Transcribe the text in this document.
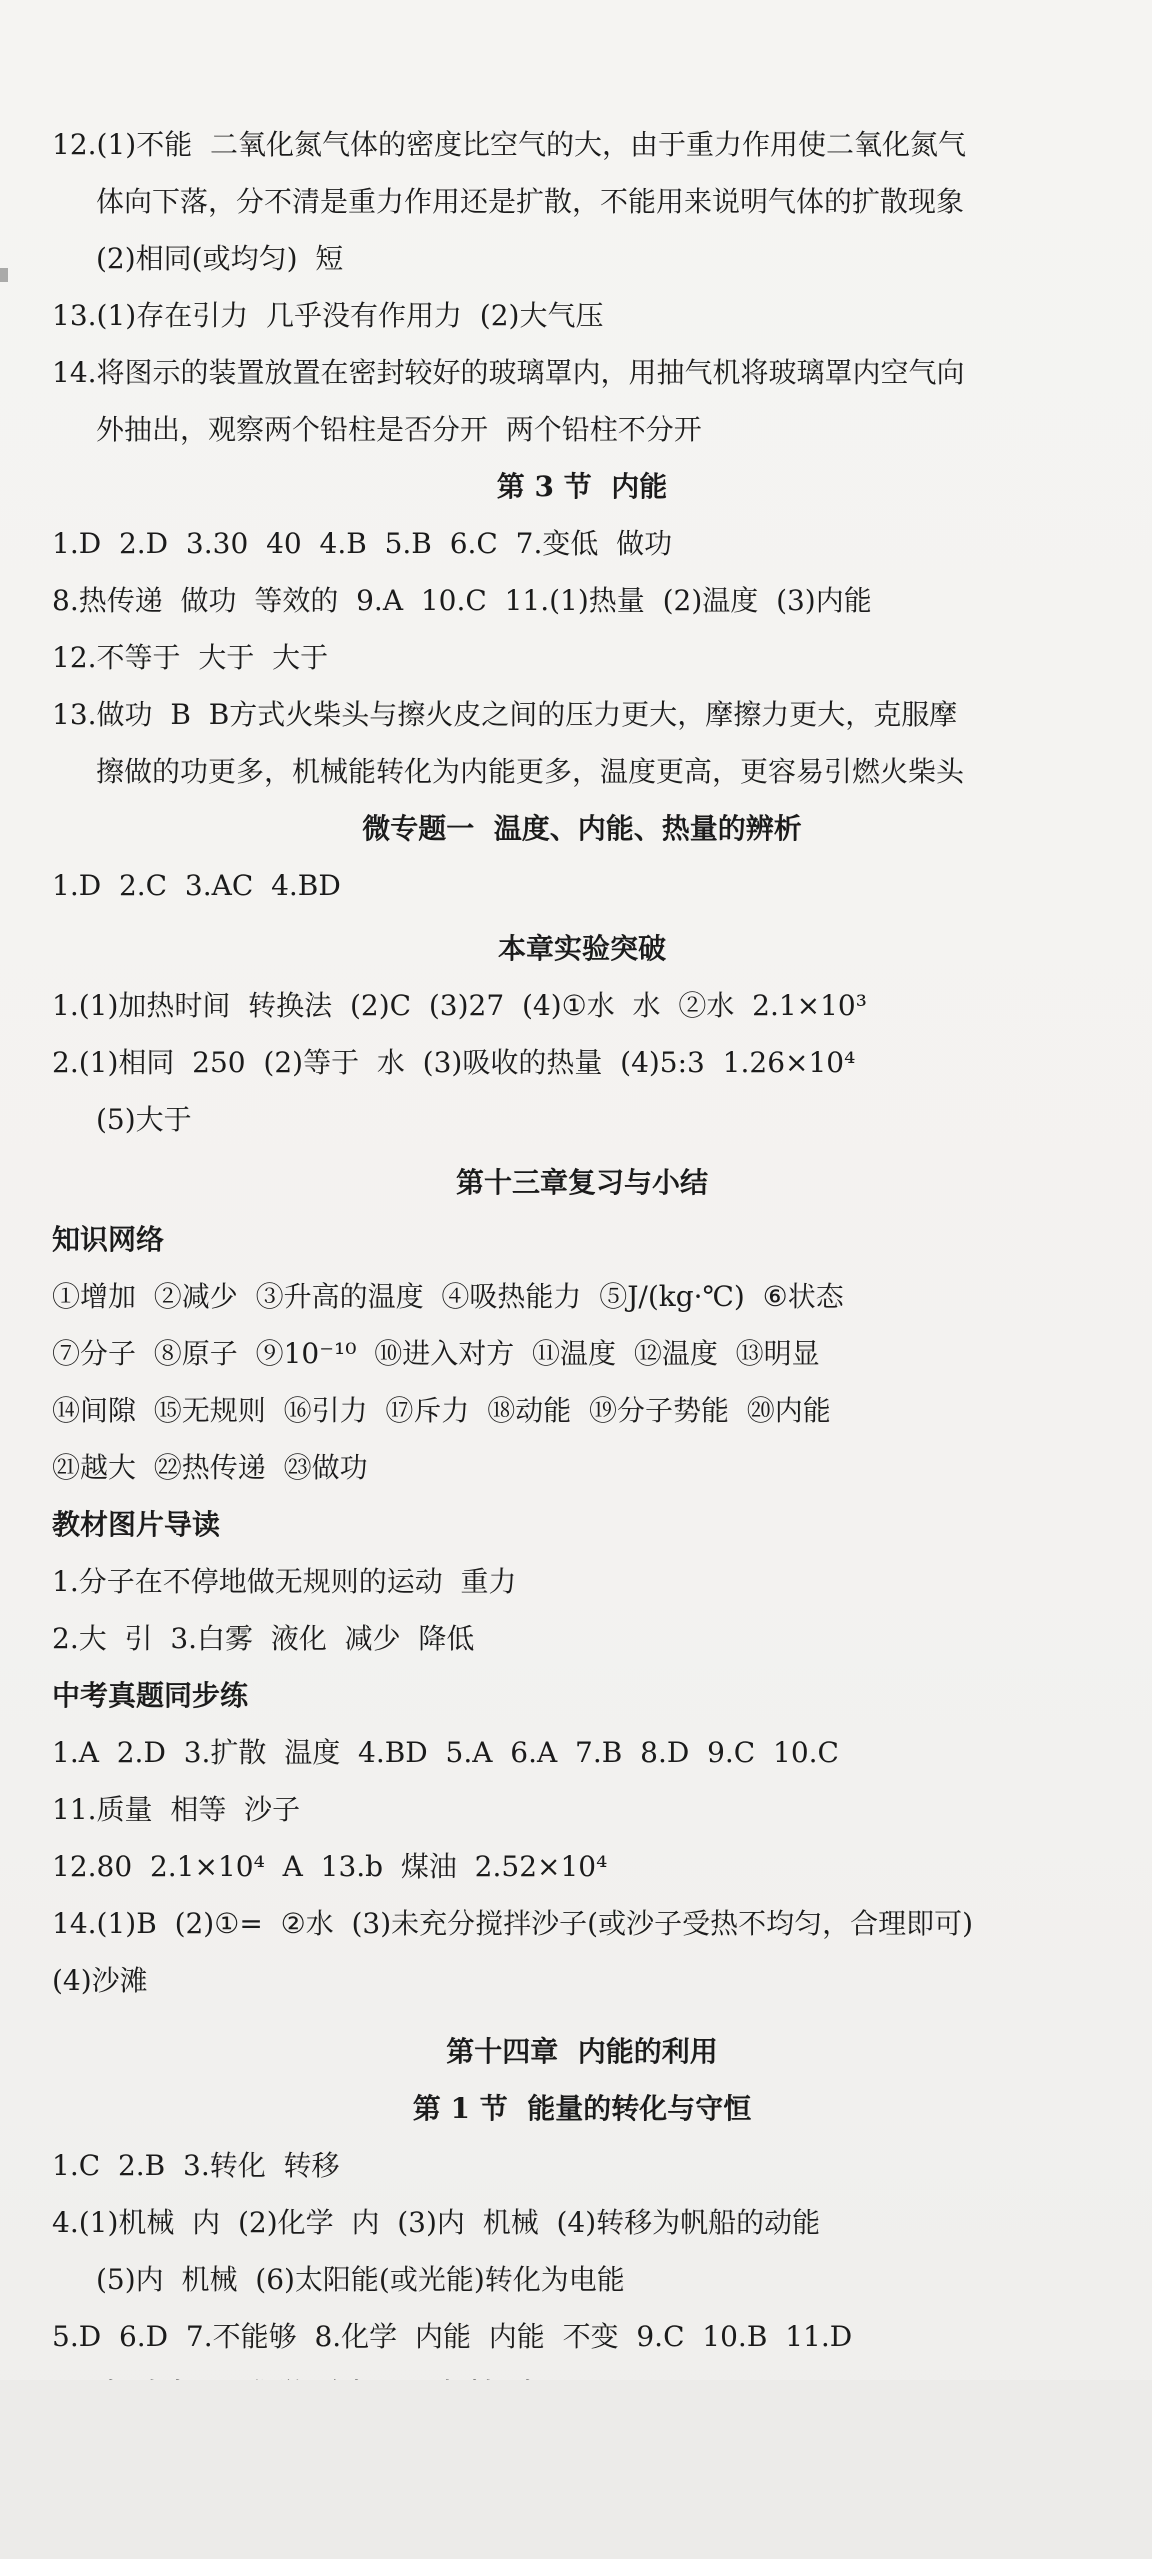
12.(1)不能  二氧化氮气体的密度比空气的大，由于重力作用使二氧化氮气
体向下落，分不清是重力作用还是扩散，不能用来说明气体的扩散现象
(2)相同(或均匀)  短
13.(1)存在引力  几乎没有作用力  (2)大气压
14.将图示的装置放置在密封较好的玻璃罩内，用抽气机将玻璃罩内空气向
外抽出，观察两个铅柱是否分开  两个铅柱不分开
第 3 节  内能
1.D  2.D  3.30  40  4.B  5.B  6.C  7.变低  做功
8.热传递  做功  等效的  9.A  10.C  11.(1)热量  (2)温度  (3)内能
12.不等于  大于  大于
13.做功  B  B方式火柴头与擦火皮之间的压力更大，摩擦力更大，克服摩
擦做的功更多，机械能转化为内能更多，温度更高，更容易引燃火柴头
微专题一  温度、内能、热量的辨析
1.D  2.C  3.AC  4.BD
本章实验突破
1.(1)加热时间  转换法  (2)C  (3)27  (4)①水  水  ②水  2.1×10³
2.(1)相同  250  (2)等于  水  (3)吸收的热量  (4)5:3  1.26×10⁴
(5)大于
第十三章复习与小结
知识网络
①增加  ②减少  ③升高的温度  ④吸热能力  ⑤J/(kg·℃)  ⑥状态
⑦分子  ⑧原子  ⑨10⁻¹⁰  ⑩进入对方  ⑪温度  ⑫温度  ⑬明显
⑭间隙  ⑮无规则  ⑯引力  ⑰斥力  ⑱动能  ⑲分子势能  ⑳内能
㉑越大  ㉒热传递  ㉓做功
教材图片导读
1.分子在不停地做无规则的运动  重力
2.大  引  3.白雾  液化  减少  降低
中考真题同步练
1.A  2.D  3.扩散  温度  4.BD  5.A  6.A  7.B  8.D  9.C  10.C
11.质量  相等  沙子
12.80  2.1×10⁴  A  13.b  煤油  2.52×10⁴
14.(1)B  (2)①=  ②水  (3)未充分搅拌沙子(或沙子受热不均匀，合理即可)
(4)沙滩
第十四章  内能的利用
第 1 节  能量的转化与守恒
1.C  2.B  3.转化  转移
4.(1)机械  内  (2)化学  内  (3)内  机械  (4)转移为帆船的动能
(5)内  机械  (6)太阳能(或光能)转化为电能
5.D  6.D  7.不能够  8.化学  内能  内能  不变  9.C  10.B  11.D
